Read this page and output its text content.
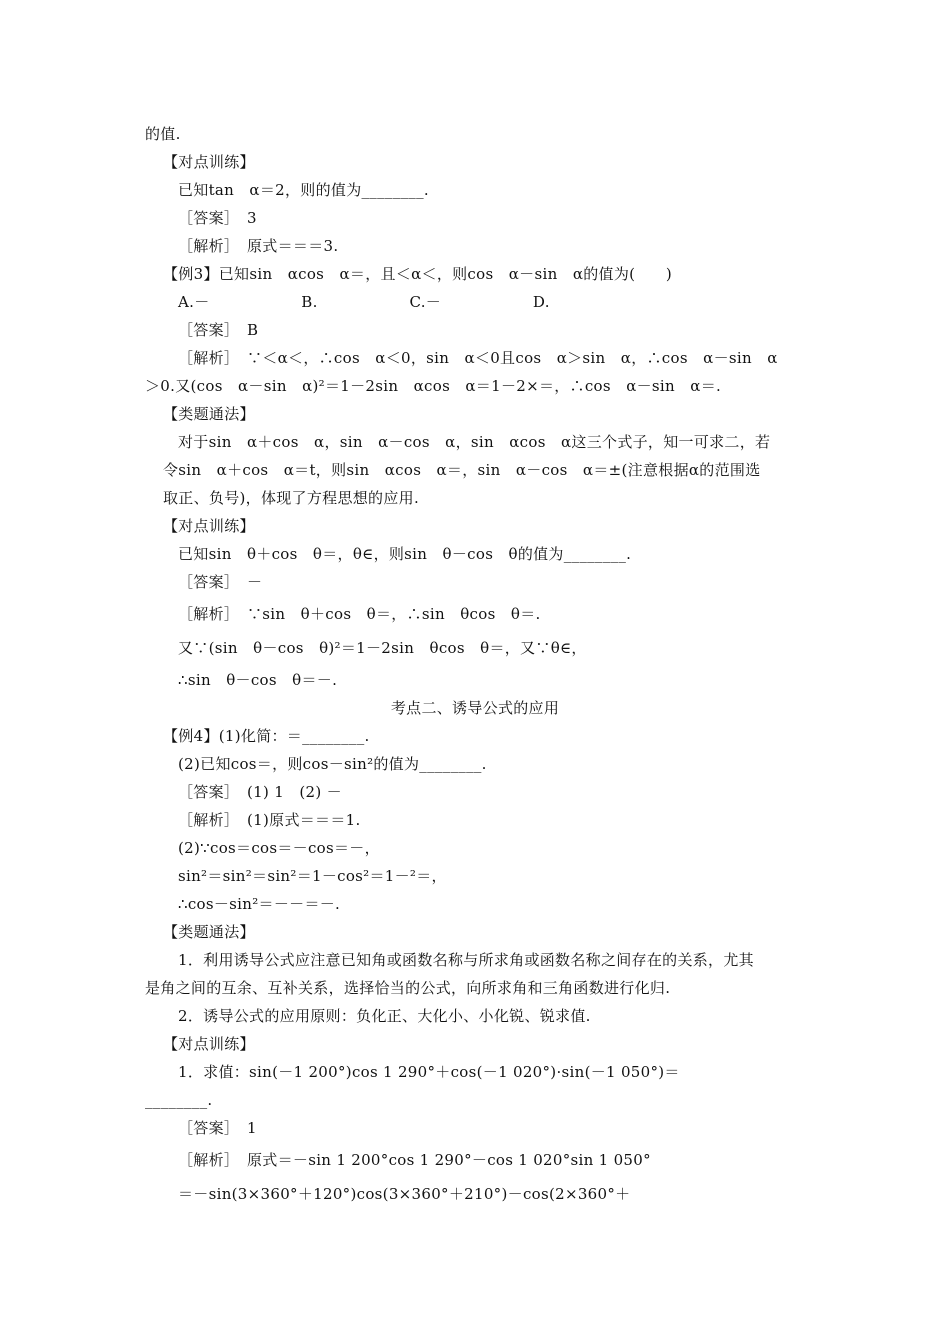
的值.
【对点训练】
已知tan　α＝2，则的值为________.
［答案］　3
［解析］　原式＝＝＝3.
【例3】已知sin　αcos　α＝，且＜α＜，则cos　α－sin　α的值为(　　)
A.－　　　　　　B.　　　　　　C.－　　　　　　D.
［答案］　B
［解析］　∵＜α＜，∴cos　α＜0，sin　α＜0且cos　α＞sin　α，∴cos　α－sin　α
＞0.又(cos　α－sin　α)²＝1－2sin　αcos　α＝1－2×＝，∴cos　α－sin　α＝.
【类题通法】
对于sin　α＋cos　α，sin　α－cos　α，sin　αcos　α这三个式子，知一可求二，若
令sin　α＋cos　α＝t，则sin　αcos　α＝，sin　α－cos　α＝±(注意根据α的范围选
取正、负号)，体现了方程思想的应用.
【对点训练】
已知sin　θ＋cos　θ＝，θ∈，则sin　θ－cos　θ的值为________.
［答案］　－
［解析］　∵sin　θ＋cos　θ＝，∴sin　θcos　θ＝.
又∵(sin　θ－cos　θ)²＝1－2sin　θcos　θ＝，又∵θ∈，
∴sin　θ－cos　θ＝－.
考点二、诱导公式的应用
【例4】(1)化简：＝________.
(2)已知cos＝，则cos－sin²的值为________.
［答案］　(1) 1　(2) －
［解析］　(1)原式＝＝＝1.
(2)∵cos＝cos＝－cos＝－，
sin²＝sin²＝sin²＝1－cos²＝1－²＝，
∴cos－sin²＝－－＝－.
【类题通法】
1．利用诱导公式应注意已知角或函数名称与所求角或函数名称之间存在的关系，尤其
是角之间的互余、互补关系，选择恰当的公式，向所求角和三角函数进行化归.
2．诱导公式的应用原则：负化正、大化小、小化锐、锐求值.
【对点训练】
1．求值：sin(－1 200°)cos 1 290°＋cos(－1 020°)·sin(－1 050°)＝
________.
［答案］　1
［解析］　原式＝－sin 1 200°cos 1 290°－cos 1 020°sin 1 050°
＝－sin(3×360°＋120°)cos(3×360°＋210°)－cos(2×360°＋
